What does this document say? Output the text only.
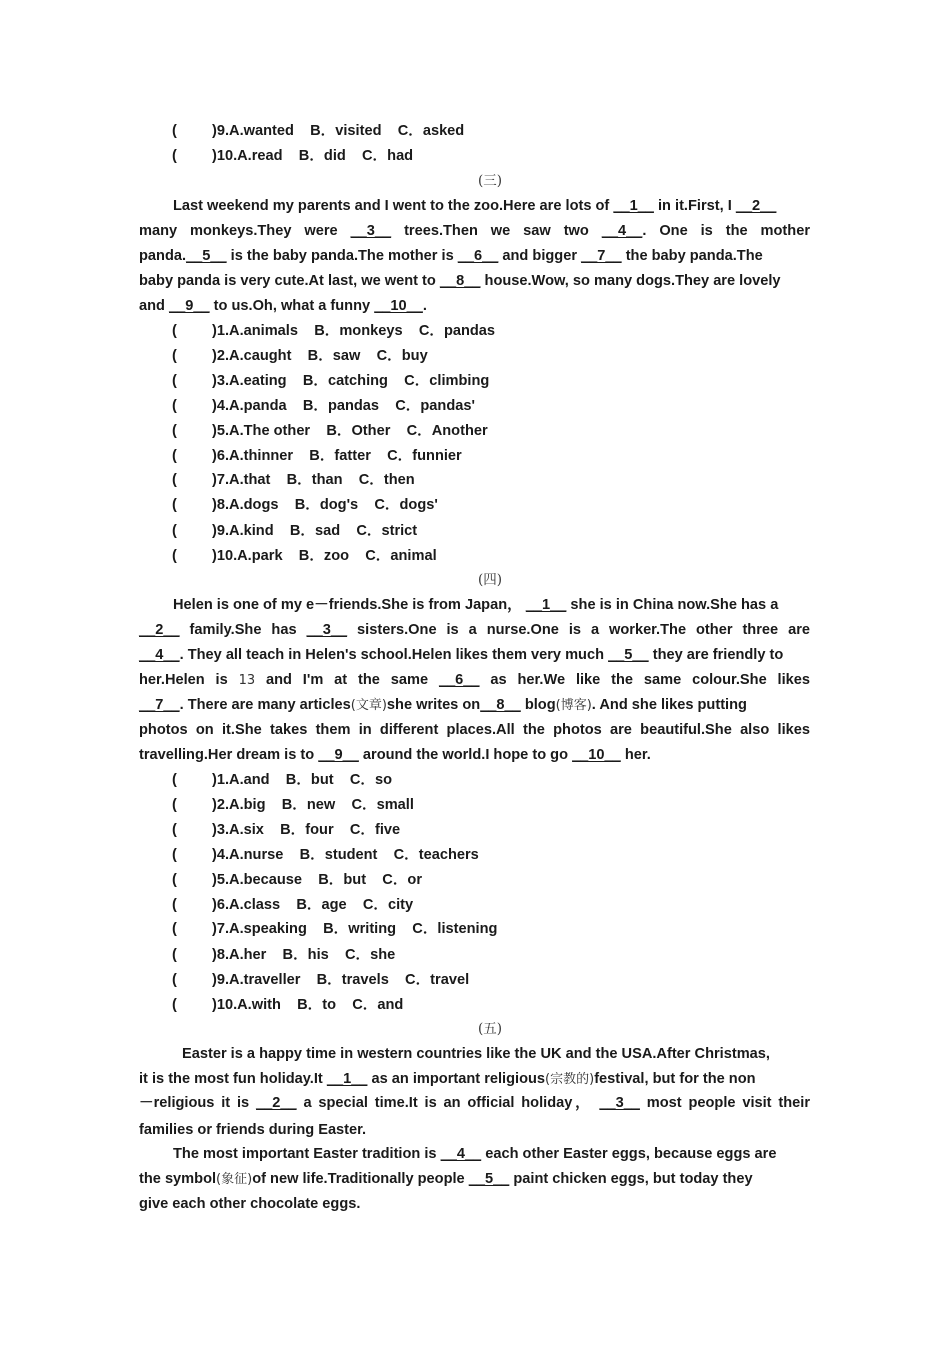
( )9.A.wanted    B．visited    C．asked
( )10.A.read    B．did    C．had
(三)
Last weekend my parents and I went to the zoo.Here are lots of __1__ in it.First, I __2__
many monkeys.They were __3__ trees.Then we saw two __4__. One is the mother
panda.__5__ is the baby panda.The mother is __6__ and bigger __7__ the baby panda.The
baby panda is very cute.At last, we went to __8__ house.Wow, so many dogs.They are lovely
and __9__ to us.Oh, what a funny __10__.
( )1.A.animals    B．monkeys    C．pandas
( )2.A.caught    B．saw    C．buy
( )3.A.eating    B．catching    C．climbing
( )4.A.panda    B．pandas    C．pandas'
( )5.A.The other    B．Other    C．Another
( )6.A.thinner    B．fatter    C．funnier
( )7.A.that    B．than    C．then
( )8.A.dogs    B．dog's    C．dogs'
( )9.A.kind    B．sad    C．strict
( )10.A.park    B．zoo    C．animal
(四)
Helen is one of my e－friends.She is from Japan， __1__ she is in China now.She has a
__2__ family.She has __3__ sisters.One is a nurse.One is a worker.The other three are
__4__. They all teach in Helen's school.Helen likes them very much __5__ they are friendly to
her.Helen is 13 and I'm at the same __6__ as her.We like the same colour.She likes
__7__. There are many articles(文章)she writes on__8__ blog(博客). And she likes putting
photos on it.She takes them in different places.All the photos are beautiful.She also likes
travelling.Her dream is to __9__ around the world.I hope to go __10__ her.
( )1.A.and    B．but    C．so
( )2.A.big    B．new    C．small
( )3.A.six    B．four    C．five
( )4.A.nurse    B．student    C．teachers
( )5.A.because    B．but    C．or
( )6.A.class    B．age    C．city
( )7.A.speaking    B．writing    C．listening
( )8.A.her    B．his    C．she
( )9.A.traveller    B．travels    C．travel
( )10.A.with    B．to    C．and
(五)
Easter is a happy time in western countries like the UK and the USA.After Christmas,
it is the most fun holiday.It __1__ as an important religious(宗教的)festival, but for the non
－religious it is __2__ a special time.It is an official holiday， __3__ most people visit their
families or friends during Easter.
The most important Easter tradition is __4__ each other Easter eggs, because eggs are
the symbol(象征)of new life.Traditionally people __5__ paint chicken eggs, but today they
give each other chocolate eggs.
